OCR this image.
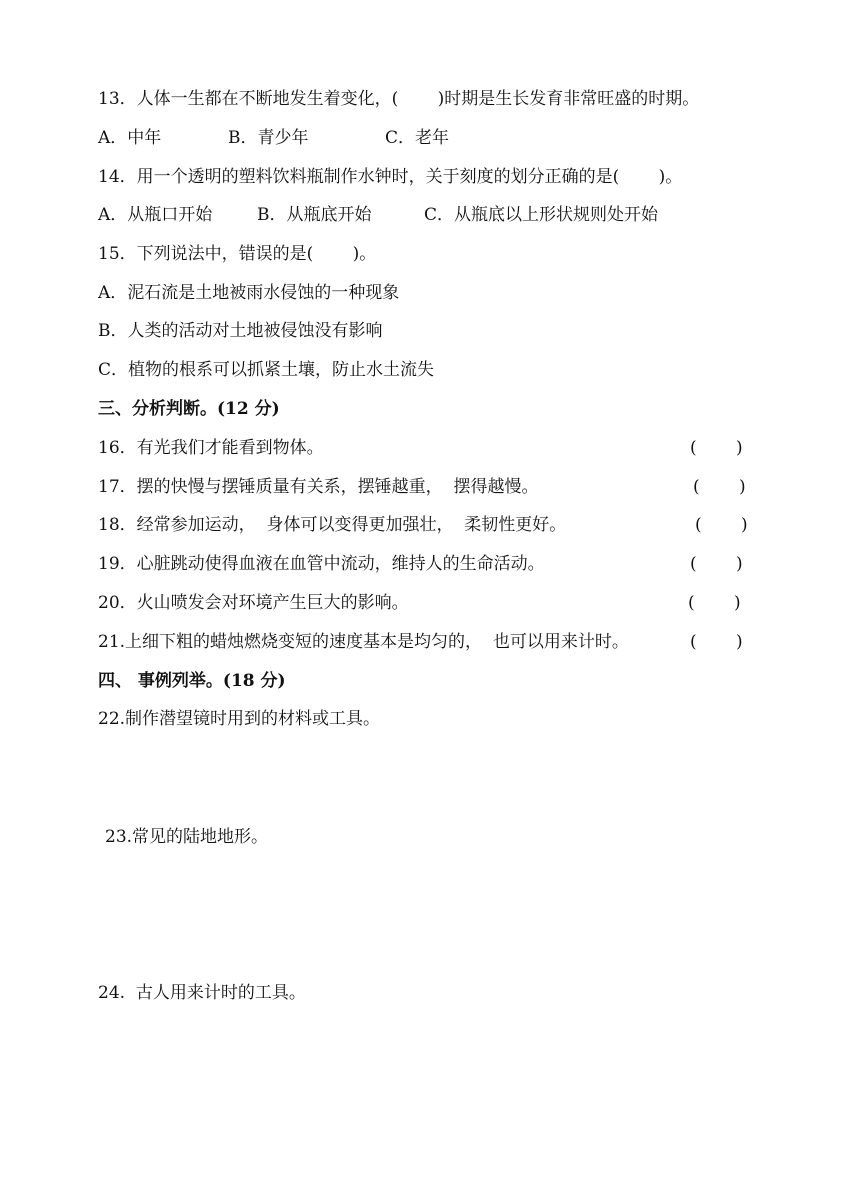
13．人体一生都在不断地发生着变化，(　　 )时期是生长发育非常旺盛的时期。
A．中年	B．青少年	C．老年
14．用一个透明的塑料饮料瓶制作水钟时，关于刻度的划分正确的是(　　 )。
A．从瓶口开始	B．从瓶底开始	C．从瓶底以上形状规则处开始
15．下列说法中，错误的是(　　 )。
A．泥石流是土地被雨水侵蚀的一种现象
B．人类的活动对土地被侵蚀没有影响
C．植物的根系可以抓紧土壤，防止水土流失
三、分析判断。(12 分)
16．有光我们才能看到物体。	(　　 )
17．摆的快慢与摆锤质量有关系，摆锤越重，  摆得越慢。	(　　 )
18．经常参加运动，  身体可以变得更加强壮，  柔韧性更好。	(　　 )
19．心脏跳动使得血液在血管中流动，维持人的生命活动。	(　　 )
20．火山喷发会对环境产生巨大的影响。	(　　 )
21.上细下粗的蜡烛燃烧变短的速度基本是均匀的，  也可以用来计时。	(　　 )
四、 事例列举。(18 分)
22.制作潜望镜时用到的材料或工具。
23.常见的陆地地形。
24.  古人用来计时的工具。
